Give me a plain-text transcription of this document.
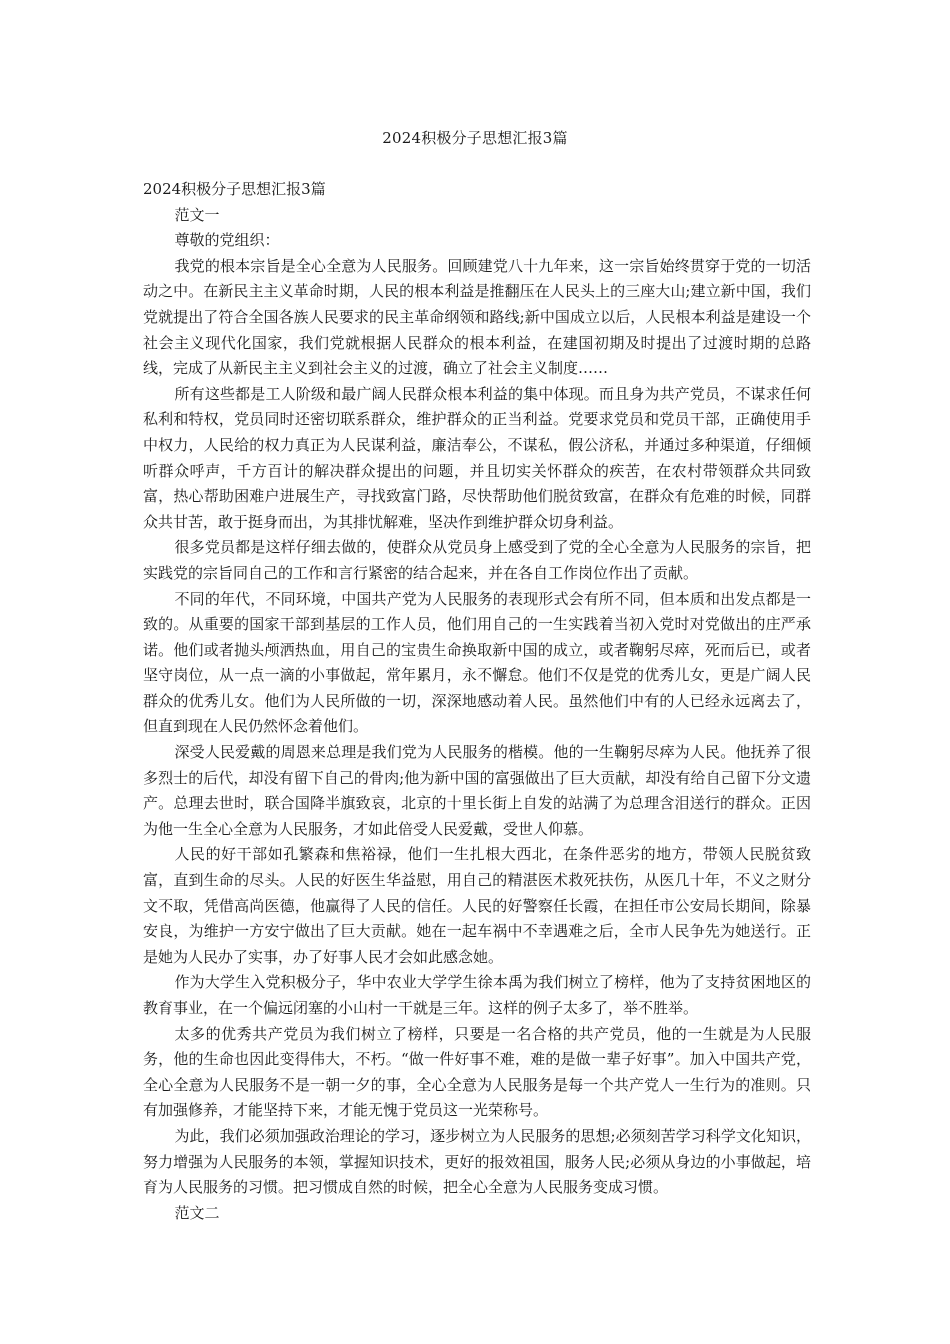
2024积极分子思想汇报3篇

2024积极分子思想汇报3篇

范文一

尊敬的党组织：

我党的根本宗旨是全心全意为人民服务。回顾建党八十九年来，这一宗旨始终贯穿于党的一切活动之中。在新民主主义革命时期，人民的根本利益是推翻压在人民头上的三座大山;建立新中国，我们党就提出了符合全国各族人民要求的民主革命纲领和路线;新中国成立以后，人民根本利益是建设一个社会主义现代化国家，我们党就根据人民群众的根本利益，在建国初期及时提出了过渡时期的总路线，完成了从新民主主义到社会主义的过渡，确立了社会主义制度……

所有这些都是工人阶级和最广阔人民群众根本利益的集中体现。而且身为共产党员，不谋求任何私利和特权，党员同时还密切联系群众，维护群众的正当利益。党要求党员和党员干部，正确使用手中权力，人民给的权力真正为人民谋利益，廉洁奉公，不谋私，假公济私，并通过多种渠道，仔细倾听群众呼声，千方百计的解决群众提出的问题，并且切实关怀群众的疾苦，在农村带领群众共同致富，热心帮助困难户进展生产，寻找致富门路，尽快帮助他们脱贫致富，在群众有危难的时候，同群众共甘苦，敢于挺身而出，为其排忧解难，坚决作到维护群众切身利益。

很多党员都是这样仔细去做的，使群众从党员身上感受到了党的全心全意为人民服务的宗旨，把实践党的宗旨同自己的工作和言行紧密的结合起来，并在各自工作岗位作出了贡献。

不同的年代，不同环境，中国共产党为人民服务的表现形式会有所不同，但本质和出发点都是一致的。从重要的国家干部到基层的工作人员，他们用自己的一生实践着当初入党时对党做出的庄严承诺。他们或者抛头颅洒热血，用自己的宝贵生命换取新中国的成立，或者鞠躬尽瘁，死而后已，或者坚守岗位，从一点一滴的小事做起，常年累月，永不懈怠。他们不仅是党的优秀儿女，更是广阔人民群众的优秀儿女。他们为人民所做的一切，深深地感动着人民。虽然他们中有的人已经永远离去了，但直到现在人民仍然怀念着他们。

深受人民爱戴的周恩来总理是我们党为人民服务的楷模。他的一生鞠躬尽瘁为人民。他抚养了很多烈士的后代，却没有留下自己的骨肉;他为新中国的富强做出了巨大贡献，却没有给自己留下分文遗产。总理去世时，联合国降半旗致哀，北京的十里长街上自发的站满了为总理含泪送行的群众。正因为他一生全心全意为人民服务，才如此倍受人民爱戴，受世人仰慕。

人民的好干部如孔繁森和焦裕禄，他们一生扎根大西北，在条件恶劣的地方，带领人民脱贫致富，直到生命的尽头。人民的好医生华益慰，用自己的精湛医术救死扶伤，从医几十年，不义之财分文不取，凭借高尚医德，他赢得了人民的信任。人民的好警察任长霞，在担任市公安局长期间，除暴安良，为维护一方安宁做出了巨大贡献。她在一起车祸中不幸遇难之后，全市人民争先为她送行。正是她为人民办了实事，办了好事人民才会如此感念她。

作为大学生入党积极分子，华中农业大学学生徐本禹为我们树立了榜样，他为了支持贫困地区的教育事业，在一个偏远闭塞的小山村一干就是三年。这样的例子太多了，举不胜举。

太多的优秀共产党员为我们树立了榜样，只要是一名合格的共产党员，他的一生就是为人民服务，他的生命也因此变得伟大，不朽。“做一件好事不难，难的是做一辈子好事”。加入中国共产党，全心全意为人民服务不是一朝一夕的事，全心全意为人民服务是每一个共产党人一生行为的准则。只有加强修养，才能坚持下来，才能无愧于党员这一光荣称号。

为此，我们必须加强政治理论的学习，逐步树立为人民服务的思想;必须刻苦学习科学文化知识，努力增强为人民服务的本领，掌握知识技术，更好的报效祖国，服务人民;必须从身边的小事做起，培育为人民服务的习惯。把习惯成自然的时候，把全心全意为人民服务变成习惯。

范文二
